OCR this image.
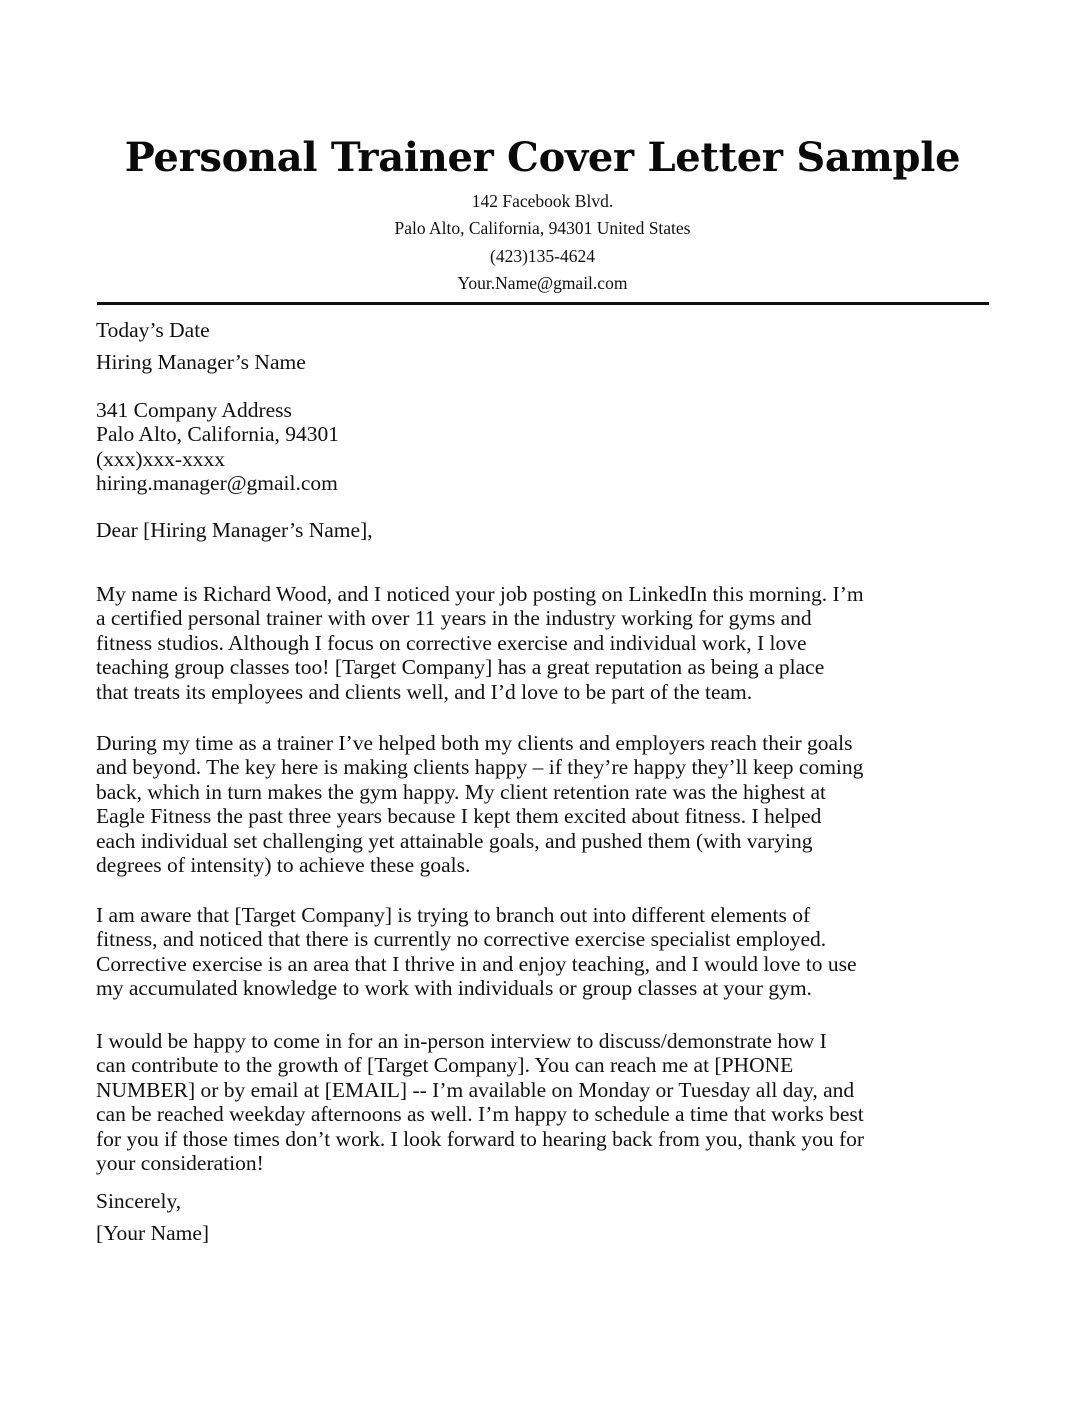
Personal Trainer Cover Letter Sample
142 Facebook Blvd.
Palo Alto, California, 94301 United States
(423)135-4624
Your.Name@gmail.com
Today’s Date
Hiring Manager’s Name
341 Company Address
Palo Alto, California, 94301
(xxx)xxx-xxxx
hiring.manager@gmail.com
Dear [Hiring Manager’s Name],
My name is Richard Wood, and I noticed your job posting on LinkedIn this morning. I’m
a certified personal trainer with over 11 years in the industry working for gyms and
fitness studios. Although I focus on corrective exercise and individual work, I love
teaching group classes too! [Target Company] has a great reputation as being a place
that treats its employees and clients well, and I’d love to be part of the team.
During my time as a trainer I’ve helped both my clients and employers reach their goals
and beyond. The key here is making clients happy – if they’re happy they’ll keep coming
back, which in turn makes the gym happy. My client retention rate was the highest at
Eagle Fitness the past three years because I kept them excited about fitness. I helped
each individual set challenging yet attainable goals, and pushed them (with varying
degrees of intensity) to achieve these goals.
I am aware that [Target Company] is trying to branch out into different elements of
fitness, and noticed that there is currently no corrective exercise specialist employed.
Corrective exercise is an area that I thrive in and enjoy teaching, and I would love to use
my accumulated knowledge to work with individuals or group classes at your gym.
I would be happy to come in for an in-person interview to discuss/demonstrate how I
can contribute to the growth of [Target Company]. You can reach me at [PHONE
NUMBER] or by email at [EMAIL] -- I’m available on Monday or Tuesday all day, and
can be reached weekday afternoons as well. I’m happy to schedule a time that works best
for you if those times don’t work. I look forward to hearing back from you, thank you for
your consideration!
Sincerely,
[Your Name]
